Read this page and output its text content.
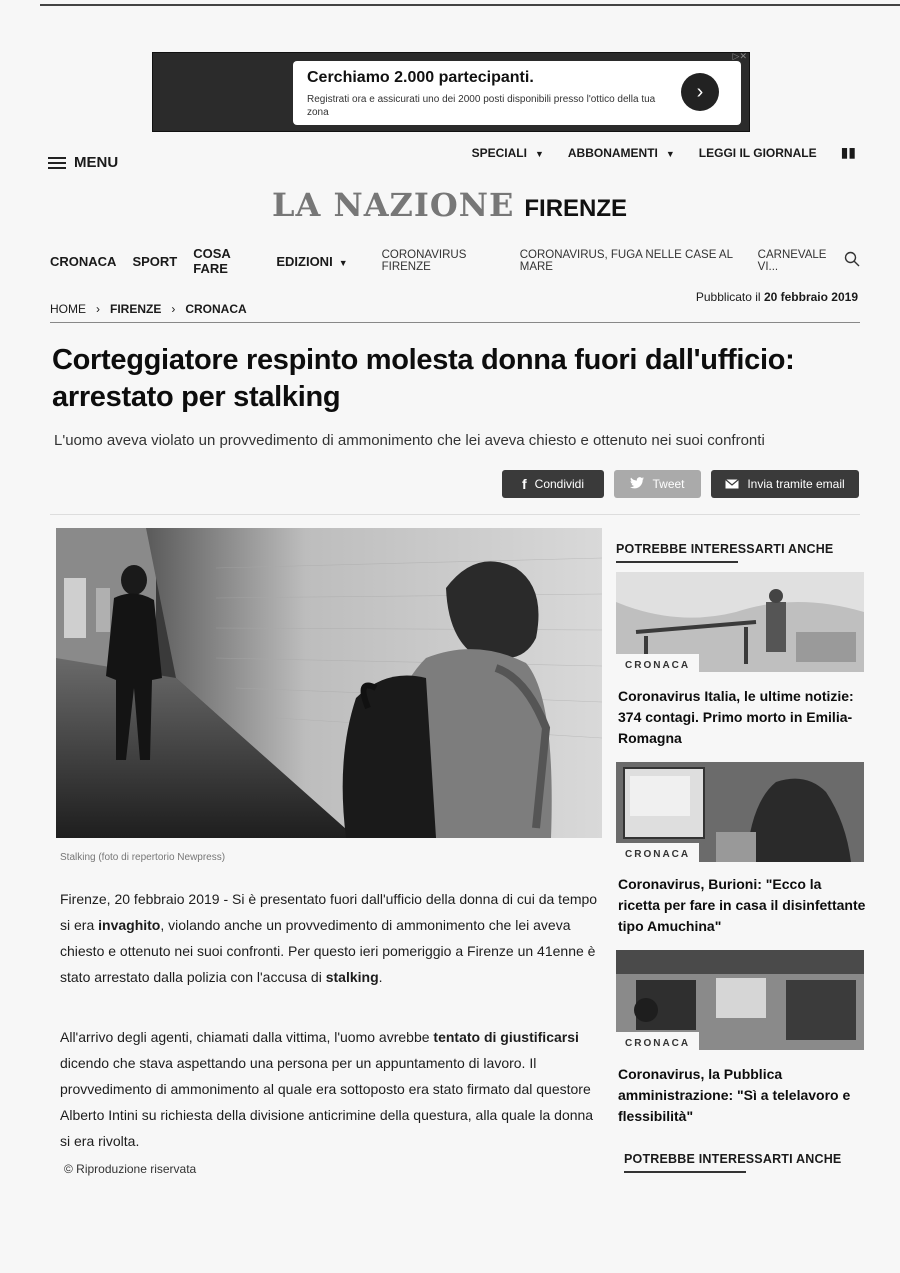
Cerchiamo 2.000 partecipanti.
Registrati ora e assicurati uno dei 2000 posti disponibili presso l'ottico della tua zona
›
▷✕
MENU
SPECIALI ▼ ABBONAMENTI ▼ LEGGI IL GIORNALE ▮▮
LA NAZIONE FIRENZE
CRONACA SPORT COSA FARE	EDIZIONI ▼
CORONAVIRUS FIRENZE
CORONAVIRUS, FUGA NELLE CASE AL MARE
CARNEVALE VI...
HOME › FIRENZE › CRONACA
Pubblicato il 20 febbraio 2019
Corteggiatore respinto molesta donna fuori dall'ufficio: arrestato per stalking
L'uomo aveva violato un provvedimento di ammonimento che lei aveva chiesto e ottenuto nei suoi confronti
f Condividi	Tweet	Invia tramite email
Stalking (foto di repertorio Newpress)
Firenze, 20 febbraio 2019 - Si è presentato fuori dall'ufficio della donna di cui da tempo si era invaghito, violando anche un provvedimento di ammonimento che lei aveva chiesto e ottenuto nei suoi confronti. Per questo ieri pomeriggio a Firenze un 41enne è stato arrestato dalla polizia con l'accusa di stalking.
All'arrivo degli agenti, chiamati dalla vittima, l'uomo avrebbe tentato di giustificarsi dicendo che stava aspettando una persona per un appuntamento di lavoro. Il provvedimento di ammonimento al quale era sottoposto era stato firmato dal questore Alberto Intini su richiesta della divisione anticrimine della questura, alla quale la donna si era rivolta.
© Riproduzione riservata
POTREBBE INTERESSARTI ANCHE
CRONACA
Coronavirus Italia, le ultime notizie: 374 contagi. Primo morto in Emilia-Romagna
CRONACA
Coronavirus, Burioni: "Ecco la ricetta per fare in casa il disinfettante tipo Amuchina"
CRONACA
Coronavirus, la Pubblica amministrazione: "Sì a telelavoro e flessibilità"
POTREBBE INTERESSARTI ANCHE
